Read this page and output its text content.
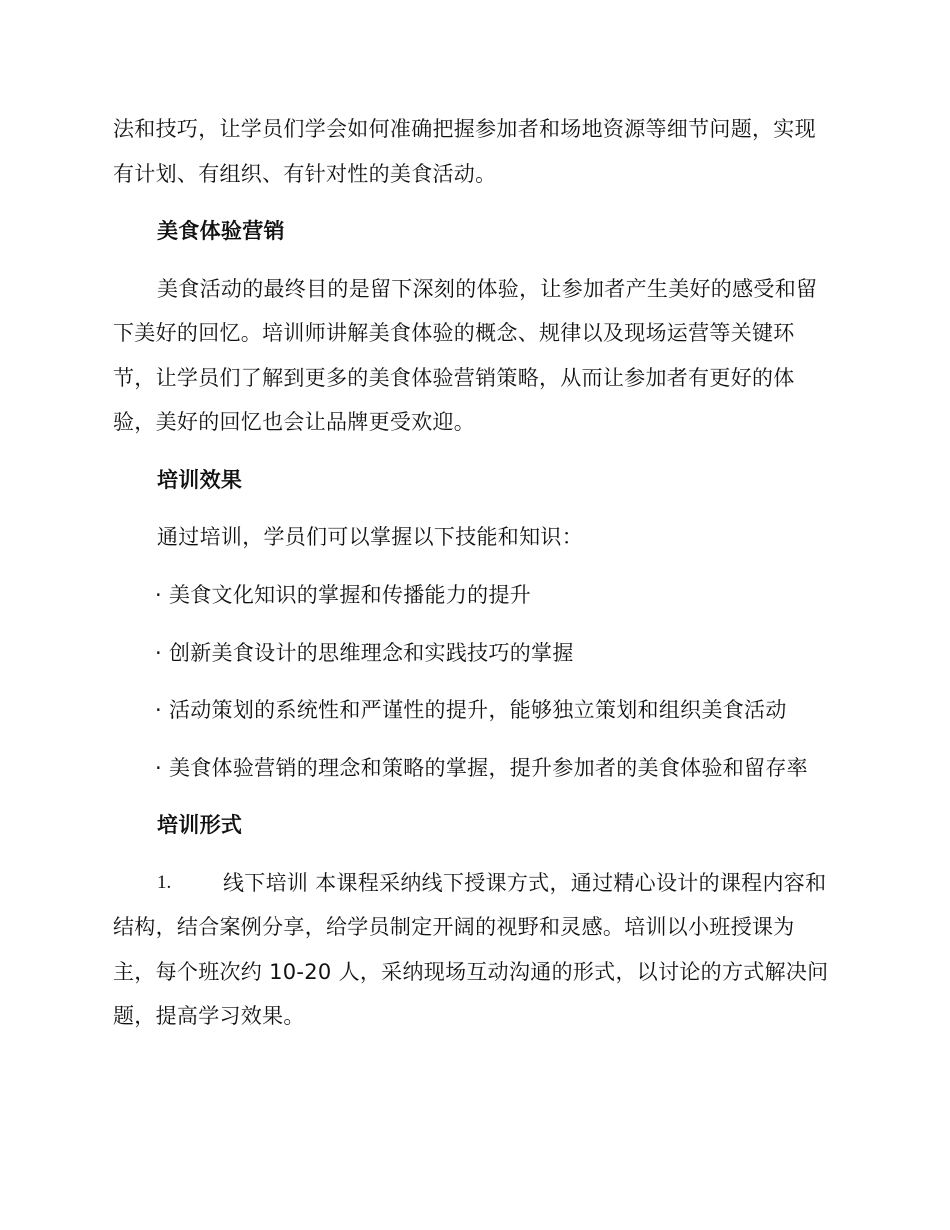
法和技巧，让学员们学会如何准确把握参加者和场地资源等细节问题，实现
有计划、有组织、有针对性的美食活动。
美食体验营销
美食活动的最终目的是留下深刻的体验，让参加者产生美好的感受和留
下美好的回忆。培训师讲解美食体验的概念、规律以及现场运营等关键环
节，让学员们了解到更多的美食体验营销策略，从而让参加者有更好的体
验，美好的回忆也会让品牌更受欢迎。
培训效果
通过培训，学员们可以掌握以下技能和知识：
· 美食文化知识的掌握和传播能力的提升
· 创新美食设计的思维理念和实践技巧的掌握
· 活动策划的系统性和严谨性的提升，能够独立策划和组织美食活动
· 美食体验营销的理念和策略的掌握，提升参加者的美食体验和留存率
培训形式
1. 线下培训 本课程采纳线下授课方式，通过精心设计的课程内容和
结构，结合案例分享，给学员制定开阔的视野和灵感。培训以小班授课为
主，每个班次约 10-20 人，采纳现场互动沟通的形式，以讨论的方式解决问
题，提高学习效果。
